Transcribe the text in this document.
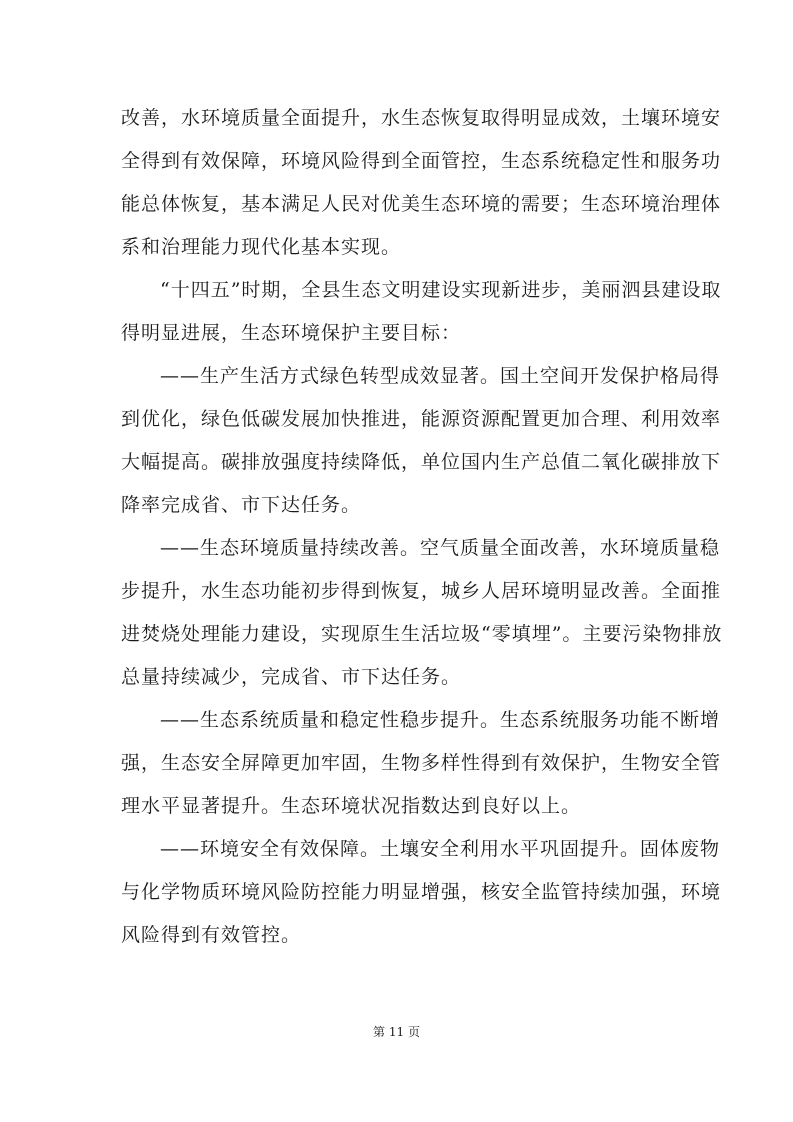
改善，水环境质量全面提升，水生态恢复取得明显成效，土壤环境安
全得到有效保障，环境风险得到全面管控，生态系统稳定性和服务功
能总体恢复，基本满足人民对优美生态环境的需要；生态环境治理体
系和治理能力现代化基本实现。
“十四五”时期，全县生态文明建设实现新进步，美丽泗县建设取
得明显进展，生态环境保护主要目标：
——生产生活方式绿色转型成效显著。国土空间开发保护格局得
到优化，绿色低碳发展加快推进，能源资源配置更加合理、利用效率
大幅提高。碳排放强度持续降低，单位国内生产总值二氧化碳排放下
降率完成省、市下达任务。
——生态环境质量持续改善。空气质量全面改善，水环境质量稳
步提升，水生态功能初步得到恢复，城乡人居环境明显改善。全面推
进焚烧处理能力建设，实现原生生活垃圾“零填埋”。主要污染物排放
总量持续减少，完成省、市下达任务。
——生态系统质量和稳定性稳步提升。生态系统服务功能不断增
强，生态安全屏障更加牢固，生物多样性得到有效保护，生物安全管
理水平显著提升。生态环境状况指数达到良好以上。
——环境安全有效保障。土壤安全利用水平巩固提升。固体废物
与化学物质环境风险防控能力明显增强，核安全监管持续加强，环境
风险得到有效管控。
第 11 页
